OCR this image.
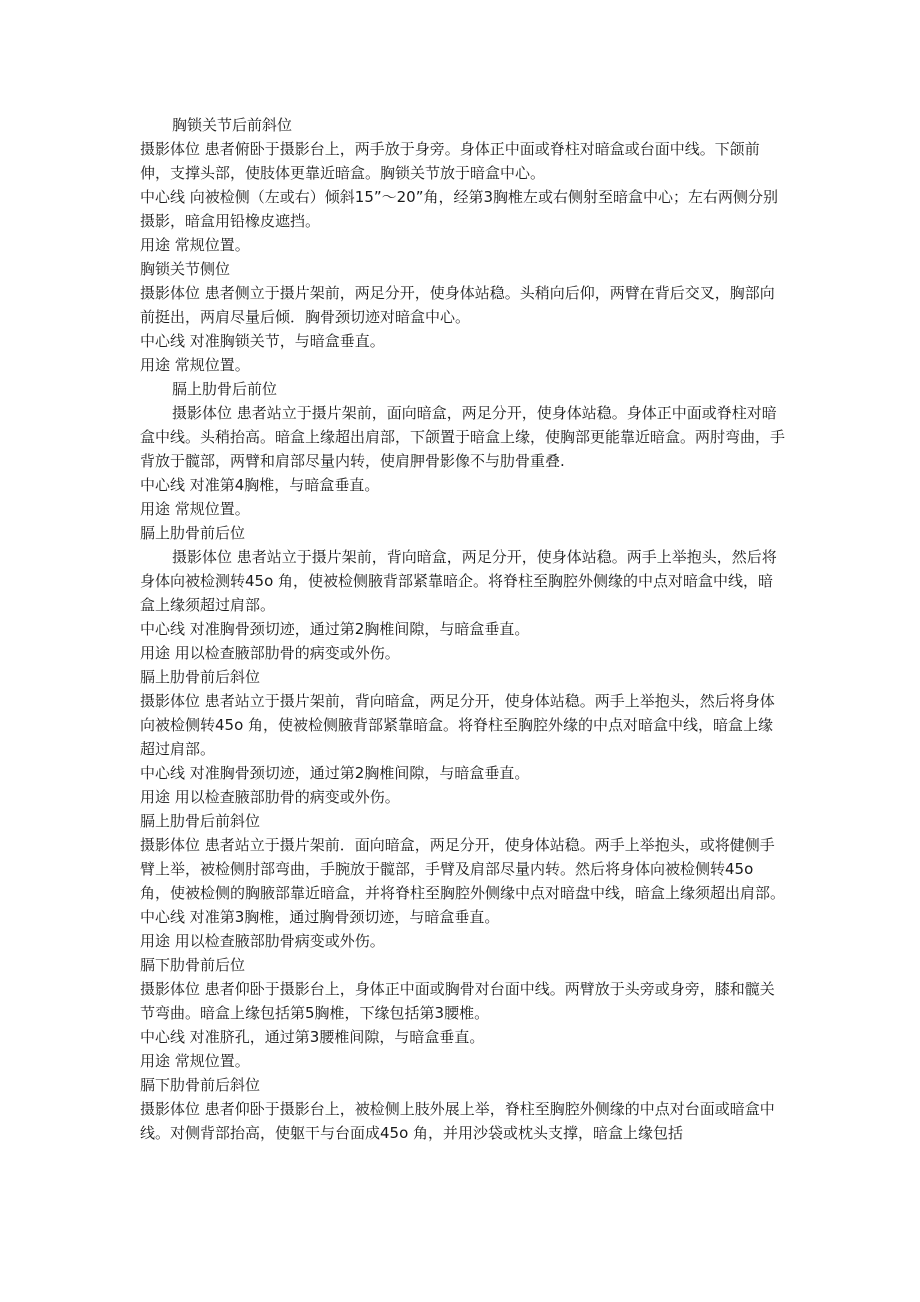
胸锁关节后前斜位

摄影体位 患者俯卧于摄影台上，两手放于身旁。身体正中面或脊柱对暗盒或台面中线。下颌前伸，支撑头部，使肢体更靠近暗盒。胸锁关节放于暗盒中心。

中心线 向被检侧（左或右）倾斜15”～20”角，经第3胸椎左或右侧射至暗盒中心；左右两侧分别摄影，暗盒用铅橡皮遮挡。

用途 常规位置。

胸锁关节侧位

摄影体位 患者侧立于摄片架前，两足分开，使身体站稳。头稍向后仰，两臂在背后交叉，胸部向前挺出，两肩尽量后倾．胸骨颈切迹对暗盒中心。

中心线 对准胸锁关节，与暗盒垂直。

用途 常规位置。

膈上肋骨后前位

摄影体位 患者站立于摄片架前，面向暗盒，两足分开，使身体站稳。身体正中面或脊柱对暗盒中线。头稍抬高。暗盒上缘超出肩部，下颌置于暗盒上缘，使胸部更能靠近暗盒。两肘弯曲，手背放于髋部，两臂和肩部尽量内转，使肩胛骨影像不与肋骨重叠.

中心线 对准第4胸椎，与暗盒垂直。

用途 常规位置。

膈上肋骨前后位

摄影体位 患者站立于摄片架前，背向暗盒，两足分开，使身体站稳。两手上举抱头，然后将身体向被检测转45o 角，使被检侧腋背部紧靠暗企。将脊柱至胸腔外侧缘的中点对暗盒中线，暗盒上缘须超过肩部。

中心线 对准胸骨颈切迹，通过第2胸椎间隙，与暗盒垂直。

用途 用以检查腋部肋骨的病变或外伤。

膈上肋骨前后斜位

摄影体位 患者站立于摄片架前，背向暗盒，两足分开，使身体站稳。两手上举抱头，然后将身体向被检侧转45o 角，使被检侧腋背部紧靠暗盒。将脊柱至胸腔外缘的中点对暗盒中线，暗盒上缘超过肩部。

中心线 对准胸骨颈切迹，通过第2胸椎间隙，与暗盒垂直。

用途 用以检查腋部肋骨的病变或外伤。

膈上肋骨后前斜位

摄影体位 患者站立于摄片架前．面向暗盒，两足分开，使身体站稳。两手上举抱头，或将健侧手臂上举，被检侧肘部弯曲，手腕放于髋部，手臂及肩部尽量内转。然后将身体向被检侧转45o 角，使被检侧的胸腋部靠近暗盒，并将脊柱至胸腔外侧缘中点对暗盘中线，暗盒上缘须超出肩部。

中心线 对准第3胸椎，通过胸骨颈切迹，与暗盒垂直。

用途 用以检查腋部肋骨病变或外伤。

膈下肋骨前后位

摄影体位 患者仰卧于摄影台上，身体正中面或胸骨对台面中线。两臂放于头旁或身旁，膝和髋关节弯曲。暗盒上缘包括第5胸椎，下缘包括第3腰椎。

中心线 对准脐孔，通过第3腰椎间隙，与暗盒垂直。

用途 常规位置。

膈下肋骨前后斜位

摄影体位 患者仰卧于摄影台上，被检侧上肢外展上举，脊柱至胸腔外侧缘的中点对台面或暗盒中线。对侧背部抬高，使躯干与台面成45o 角，并用沙袋或枕头支撑，暗盒上缘包括
